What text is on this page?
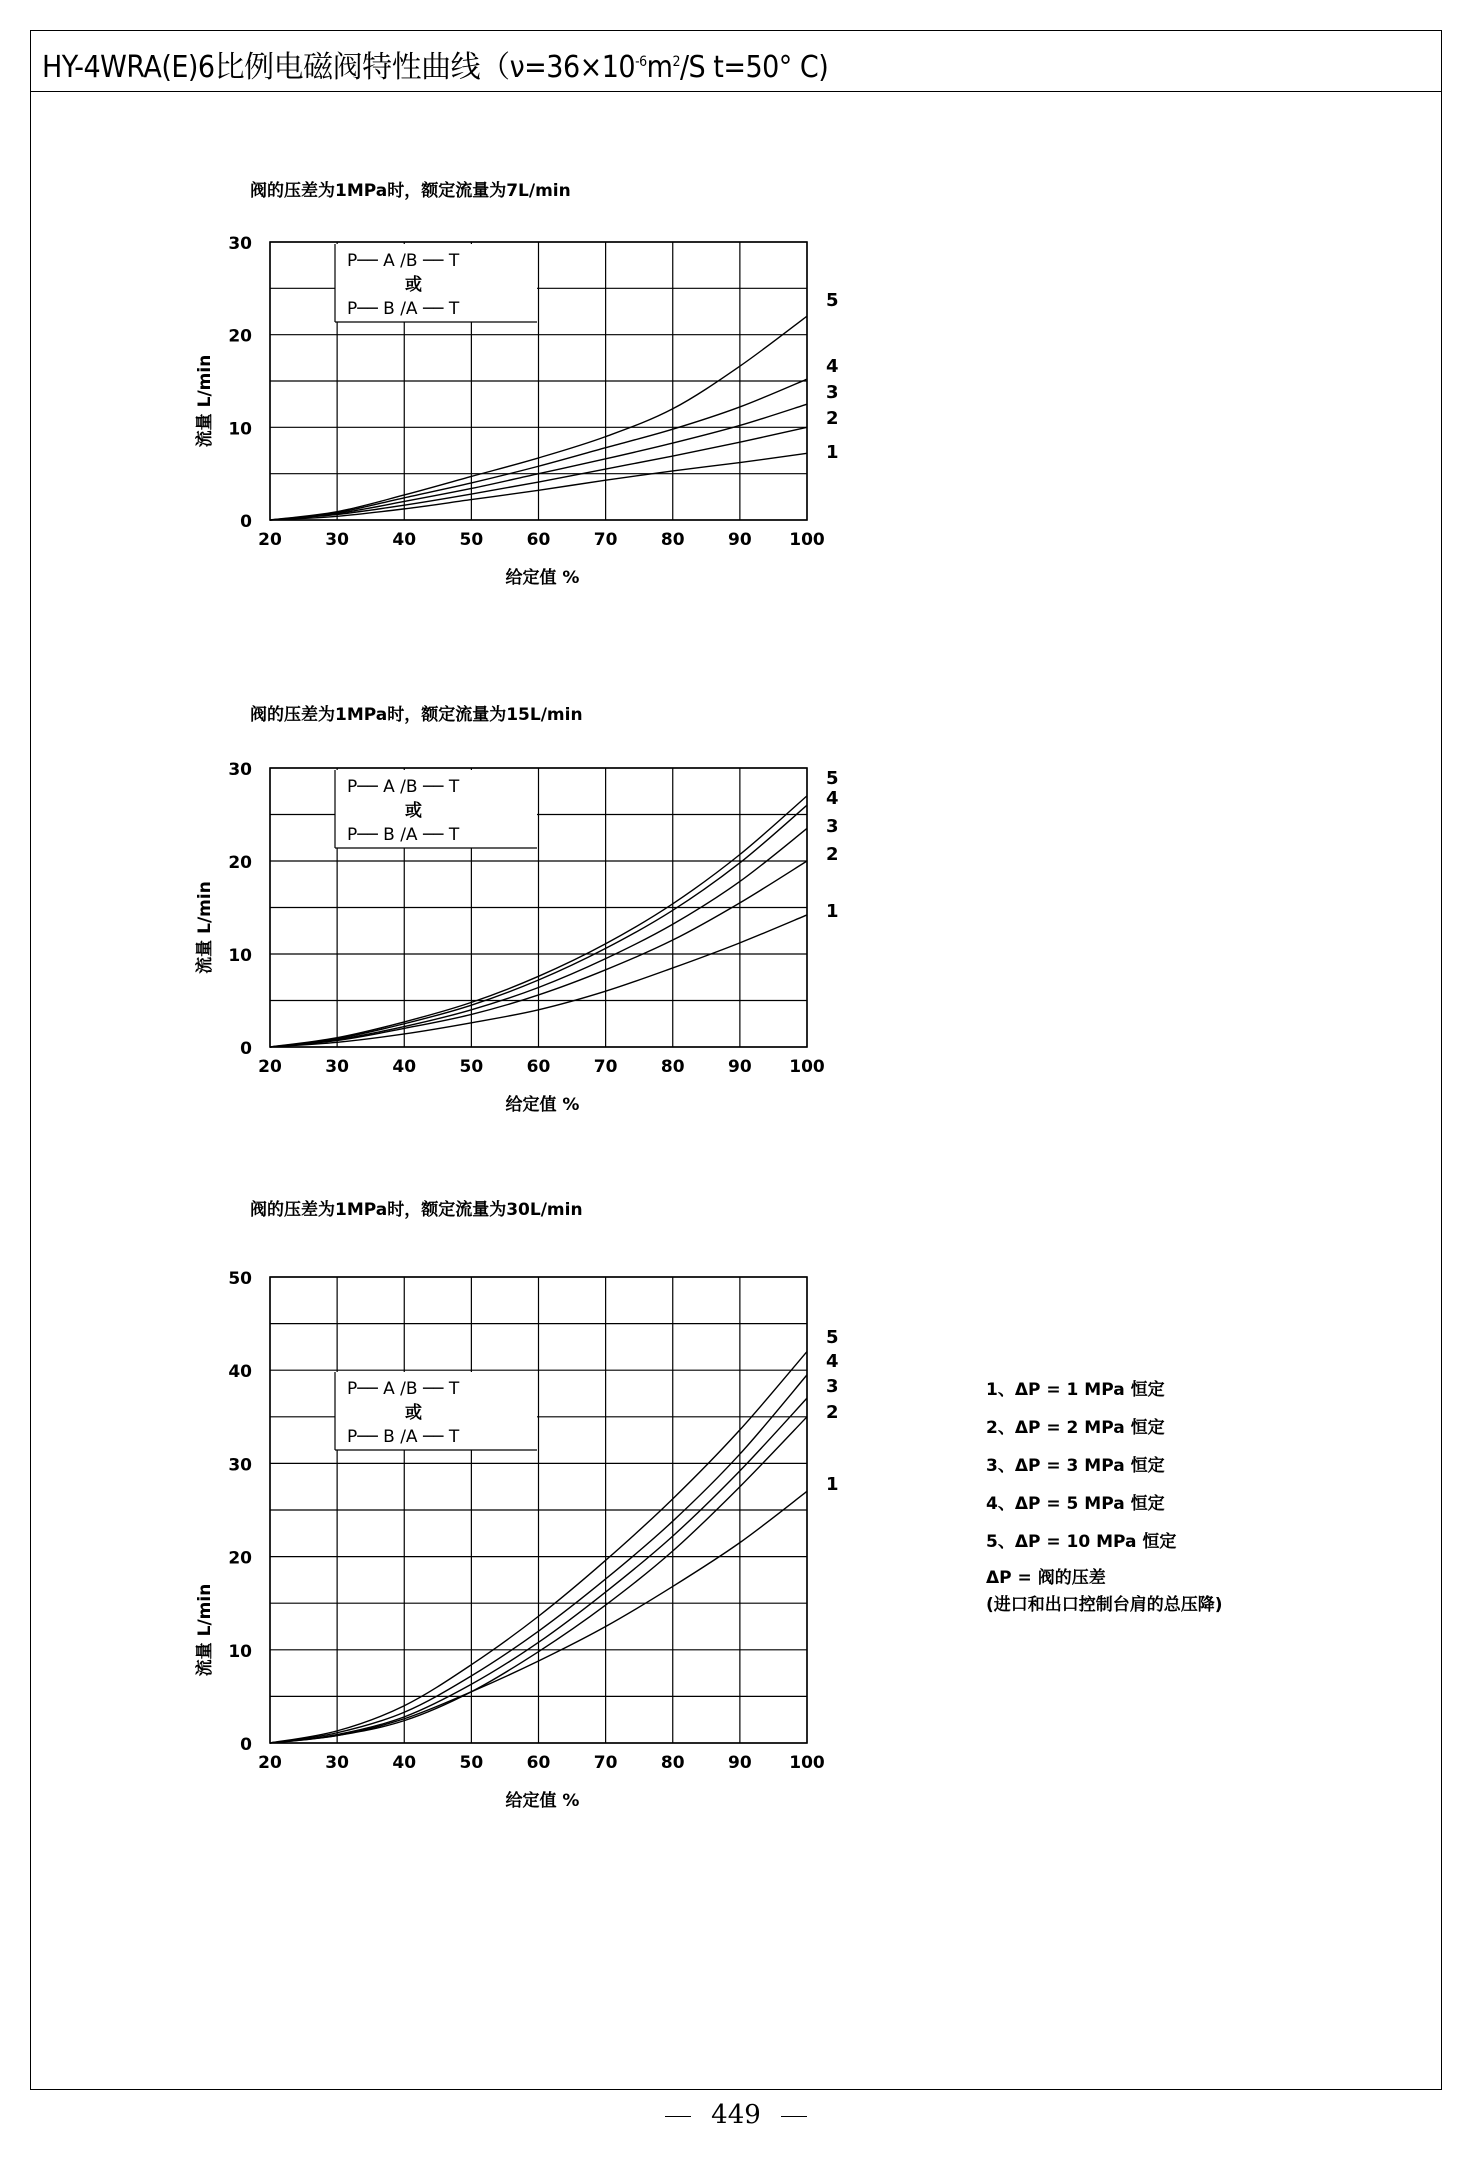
HY-4WRA(E)6比例电磁阀特性曲线（$\nu=36\times 10^{-6}m^2/S$ t=50° C)
阀的压差为1MPa时，额定流量为7L/min
P── A /B ── T
或
P── B /A ── T
20	30	40	50	60	70	80	90 100
0
10
20
30
给定值 %
流量 L/min
1
2
3
4
5
阀的压差为1MPa时，额定流量为15L/min
P── A /B ── T
或
P── B /A ── T
20	30	40	50	60	70	80	90 100
0
10
20
30
给定值 %
流量 L/min	1
2
3
4
5
阀的压差为1MPa时，额定流量为30L/min
P── A /B ── T
或
P── B /A ── T
20	30	40	50	60	70	80	90 100
0
10
20
30
40
50
给定值 %
流量 L/min
1
2
3
4
5
1、ΔP = 1 MPa 恒定
2、ΔP = 2 MPa 恒定
3、ΔP = 3 MPa 恒定
4、ΔP = 5 MPa 恒定
5、ΔP = 10 MPa 恒定
ΔP = 阀的压差
(进口和出口控制台肩的总压降)
449
